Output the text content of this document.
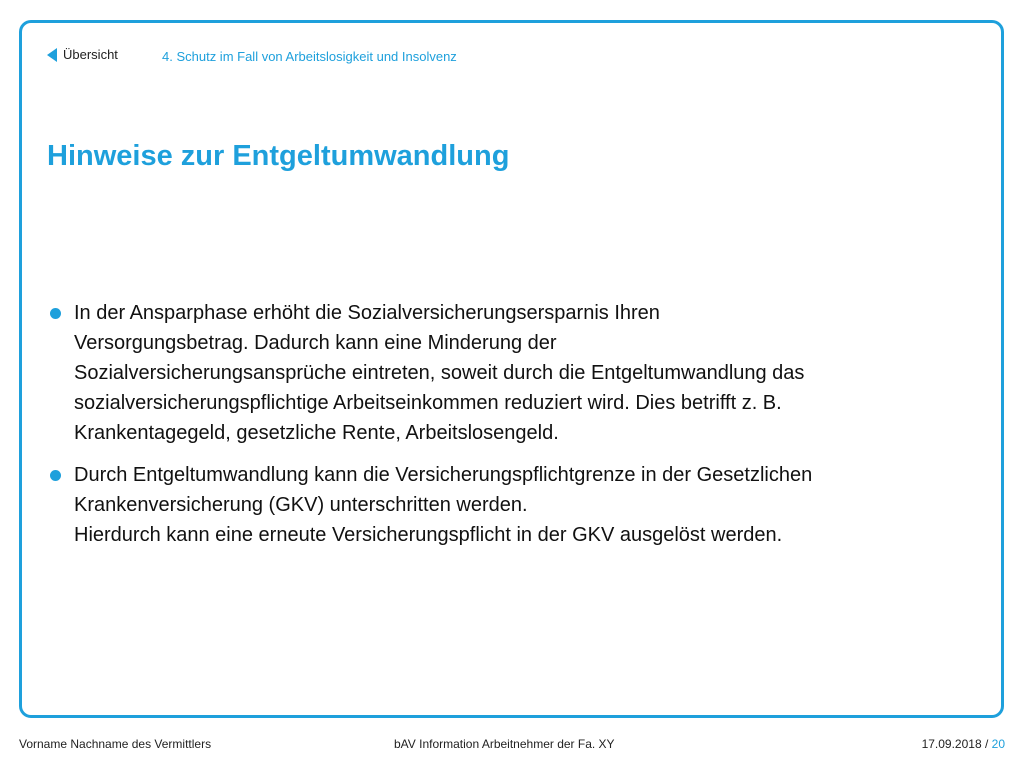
Übersicht	4. Schutz im Fall von Arbeitslosigkeit und Insolvenz
Hinweise zur Entgeltumwandlung
In der Ansparphase erhöht die Sozialversicherungsersparnis Ihren
Versorgungsbetrag. Dadurch kann eine Minderung der
Sozialversicherungsansprüche eintreten, soweit durch die Entgeltumwandlung das
sozialversicherungspflichtige Arbeitseinkommen reduziert wird. Dies betrifft z. B.
Krankentagegeld, gesetzliche Rente, Arbeitslosengeld.
Durch Entgeltumwandlung kann die Versicherungspflichtgrenze in der Gesetzlichen
Krankenversicherung (GKV) unterschritten werden.
Hierdurch kann eine erneute Versicherungspflicht in der GKV ausgelöst werden.
Vorname Nachname des Vermittlers	bAV Information Arbeitnehmer der Fa. XY	17.09.2018 / 20
